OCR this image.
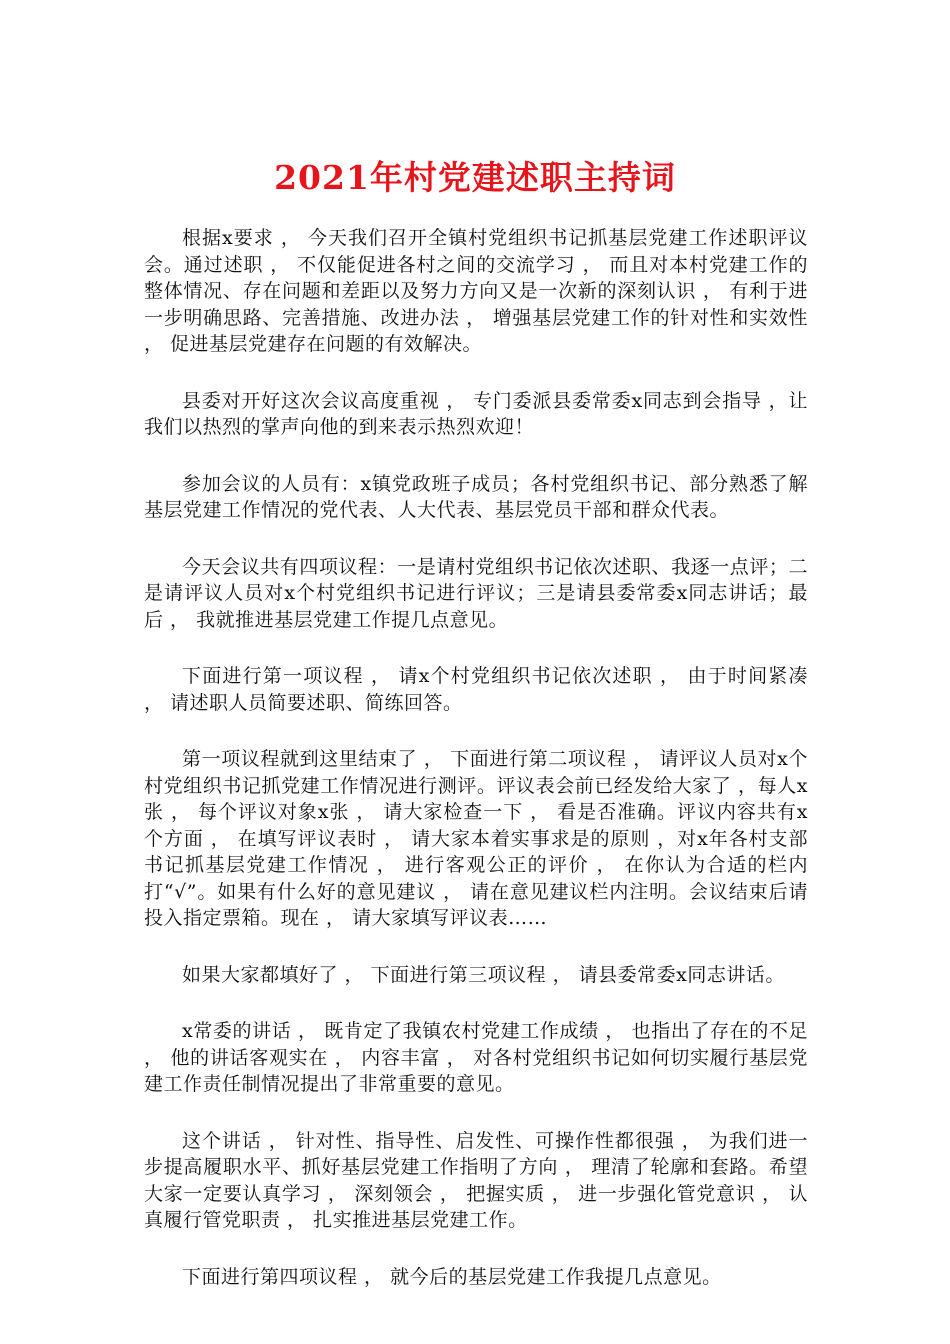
2021年村党建述职主持词

根据x要求 ， 今天我们召开全镇村党组织书记抓基层党建工作述职评议会。通过述职 ， 不仅能促进各村之间的交流学习 ， 而且对本村党建工作的整体情况、存在问题和差距以及努力方向又是一次新的深刻认识 ， 有利于进一步明确思路、完善措施、改进办法 ， 增强基层党建工作的针对性和实效性 ， 促进基层党建存在问题的有效解决。

县委对开好这次会议高度重视 ， 专门委派县委常委x同志到会指导 ，让我们以热烈的掌声向他的到来表示热烈欢迎！

参加会议的人员有：x镇党政班子成员；各村党组织书记、部分熟悉了解基层党建工作情况的党代表、人大代表、基层党员干部和群众代表。

今天会议共有四项议程：一是请村党组织书记依次述职、我逐一点评；二是请评议人员对x个村党组织书记进行评议；三是请县委常委x同志讲话；最后 ， 我就推进基层党建工作提几点意见。

下面进行第一项议程 ， 请x个村党组织书记依次述职 ， 由于时间紧凑 ， 请述职人员简要述职、简练回答。

第一项议程就到这里结束了 ， 下面进行第二项议程 ， 请评议人员对x个村党组织书记抓党建工作情况进行测评。评议表会前已经发给大家了 ，每人x张 ， 每个评议对象x张 ， 请大家检查一下 ， 看是否准确。评议内容共有x个方面 ， 在填写评议表时 ， 请大家本着实事求是的原则 ，对x年各村支部书记抓基层党建工作情况 ， 进行客观公正的评价 ， 在你认为合适的栏内打“√”。如果有什么好的意见建议 ， 请在意见建议栏内注明。会议结束后请投入指定票箱。现在 ， 请大家填写评议表……

如果大家都填好了 ， 下面进行第三项议程 ， 请县委常委x同志讲话。

x常委的讲话 ， 既肯定了我镇农村党建工作成绩 ， 也指出了存在的不足 ， 他的讲话客观实在 ， 内容丰富 ， 对各村党组织书记如何切实履行基层党建工作责任制情况提出了非常重要的意见。

这个讲话 ， 针对性、指导性、启发性、可操作性都很强 ， 为我们进一步提高履职水平、抓好基层党建工作指明了方向 ， 理清了轮廓和套路。希望大家一定要认真学习 ， 深刻领会 ， 把握实质 ， 进一步强化管党意识 ， 认真履行管党职责 ， 扎实推进基层党建工作。

下面进行第四项议程 ， 就今后的基层党建工作我提几点意见。
